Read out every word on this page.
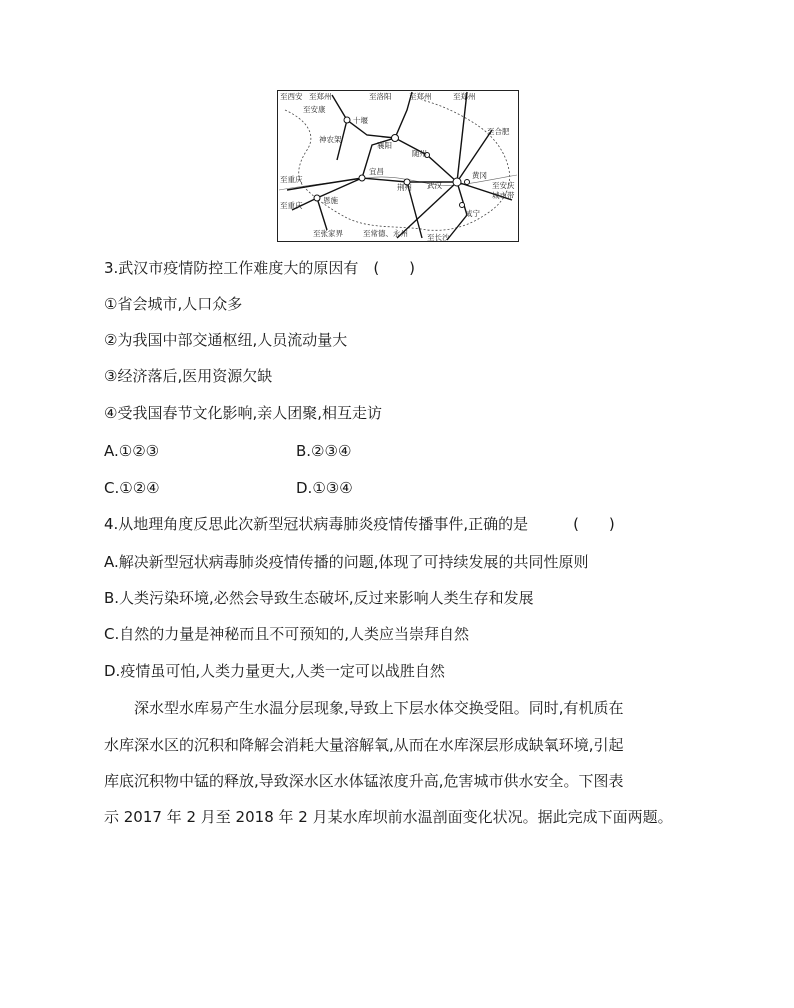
至西安 至郑州	至洛阳 至郑州	至郑州
至安康
十堰
神农架
襄阳
随州
至合肥
至重庆
至重庆
宜昌
恩施
荆州 武汉
黄冈
至安庆
城市带
咸宁
至张家界	至常德、永州	至长沙
3.武汉市疫情防控工作难度大的原因有　(　　)
①省会城市,人口众多
②为我国中部交通枢纽,人员流动量大
③经济落后,医用资源欠缺
④受我国春节文化影响,亲人团聚,相互走访
A.①②③	B.②③④
C.①②④	D.①③④
4.从地理角度反思此次新型冠状病毒肺炎疫情传播事件,正确的是　　　(　　)
A.解决新型冠状病毒肺炎疫情传播的问题,体现了可持续发展的共同性原则
B.人类污染环境,必然会导致生态破坏,反过来影响人类生存和发展
C.自然的力量是神秘而且不可预知的,人类应当崇拜自然
D.疫情虽可怕,人类力量更大,人类一定可以战胜自然
　　深水型水库易产生水温分层现象,导致上下层水体交换受阻。同时,有机质在
水库深水区的沉积和降解会消耗大量溶解氧,从而在水库深层形成缺氧环境,引起
库底沉积物中锰的释放,导致深水区水体锰浓度升高,危害城市供水安全。下图表
示 2017 年 2 月至 2018 年 2 月某水库坝前水温剖面变化状况。据此完成下面两题。
